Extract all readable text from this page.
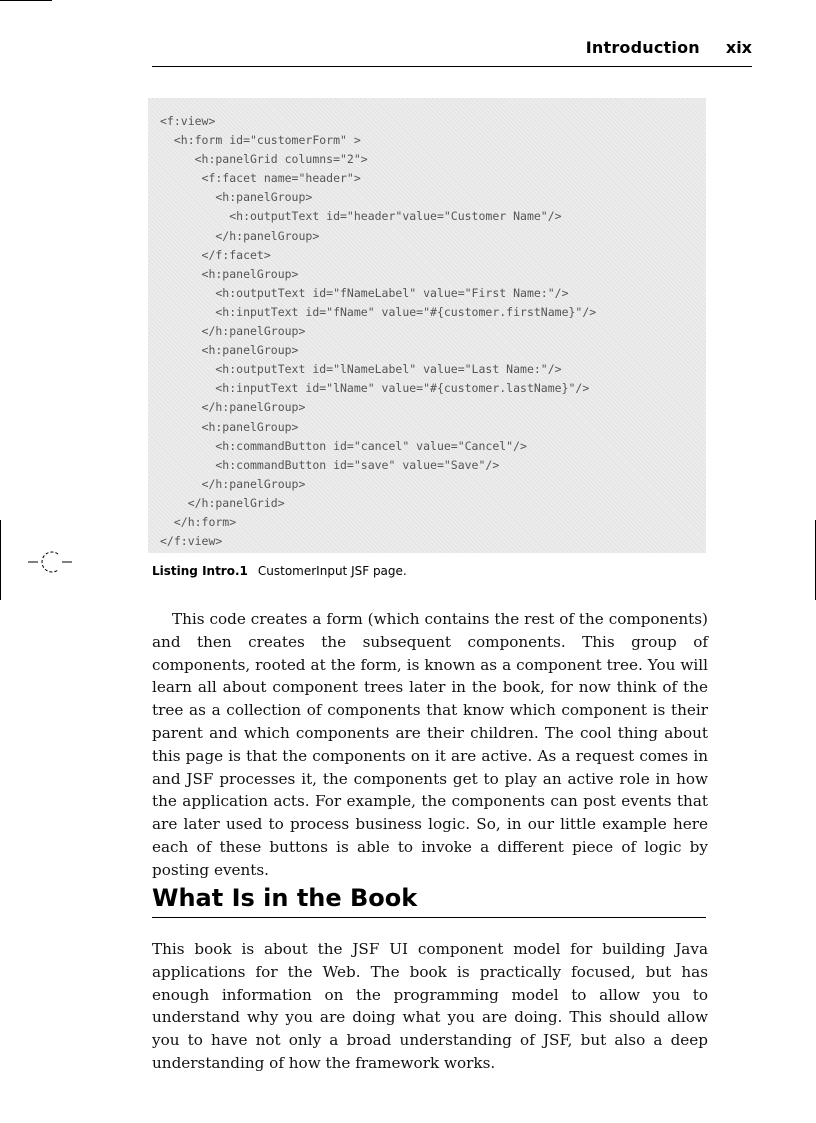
Introduction xix
<f:view>
<h:form id="customerForm" >
<h:panelGrid columns="2">
<f:facet name="header">
<h:panelGroup>
<h:outputText id="header"value="Customer Name"/>
</h:panelGroup>
</f:facet>
<h:panelGroup>
<h:outputText id="fNameLabel" value="First Name:"/>
<h:inputText id="fName" value="#{customer.firstName}"/>
</h:panelGroup>
<h:panelGroup>
<h:outputText id="lNameLabel" value="Last Name:"/>
<h:inputText id="lName" value="#{customer.lastName}"/>
</h:panelGroup>
<h:panelGroup>
<h:commandButton id="cancel" value="Cancel"/>
<h:commandButton id="save" value="Save"/>
</h:panelGroup>
</h:panelGrid>
</h:form>
</f:view>
Listing Intro.1 CustomerInput JSF page.

This code creates a form (which contains the rest of the components) and then creates the subsequent components. This group of components, rooted at the form, is known as a component tree. You will learn all about component trees later in the book, for now think of the tree as a collection of components that know which component is their parent and which components are their children. The cool thing about this page is that the components on it are active. As a request comes in and JSF processes it, the components get to play an active role in how the application acts. For example, the components can post events that are later used to process business logic. So, in our little example here each of these buttons is able to invoke a different piece of logic by posting events.

What Is in the Book

This book is about the JSF UI component model for building Java applications for the Web. The book is practically focused, but has enough information on the programming model to allow you to understand why you are doing what you are doing. This should allow you to have not only a broad understanding of JSF, but also a deep understanding of how the framework works.
